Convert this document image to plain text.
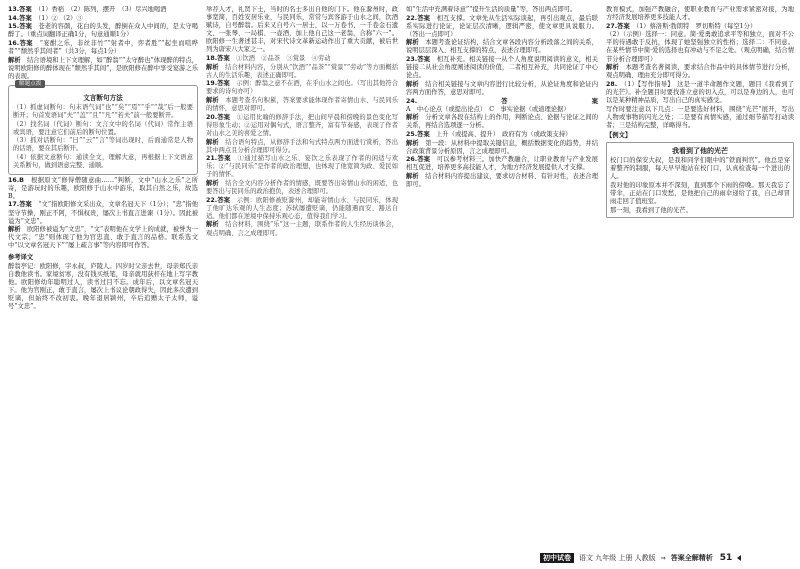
13.答案　 （1）香稻　（2）陈列，摆开　（3）尽兴地喝酒

14.答案　 （1）② （2）③

15.答案　 苍老的容颜，花白的头发，醉倒在众人中间的，是太守喝醉了。（重点词翻译正确1分，句意通顺1分）

16.答案　 “宴酣之乐，非丝非竹”“射者中，弈者胜”“起坐而喧哗者”“颓然乎其间者”（共3分，每点1分）

解析　 结合语境和上下文理解，如“醉翁”“太守醉也”体现醉的特点，说明欧阳修的醉体现在“颓然乎其间”，是欧阳修在醉中享受宴游之乐的表现。

解题点拨
文言断句方法

（1）抓虚词断句：句末语气词“也”“矣”“焉”“乎”“哉”后一般要断开；句首发语词“夫”“盖”“且”“凡”“若夫”前一般要断开。

（2）找名词（代词）断句：文言文中的名词（代词）常作主语或宾语，要注意它们前后的断句位置。

（3）抓对话断句：“曰”“云”“言”等词出现时，后面通常是人物的话语，要在其后断开。

（4）依据文意断句：通读全文，理解大意，再根据上下文语意关系断句，做到语意完整、通顺。

16.B　 根据原文“修得僧随意曲……”判断，文中“山水之乐”之所寄，是游玩时的乐趣，欧阳修于山水中游乐，取其自然之乐，故选B。

17.答案　 “文”指欧阳修文采出众，文章名冠天下（1分）；“忠”指他坚守节操，刚正不阿，不惧权贵，屡次上书直言进谏（1分）。因此被谥为“文忠”。

解析　 欧阳修被谥为“文忠”，“文”表明他在文学上的成就，被誉为一代文宗；“忠”则体现了他为官忠直、敢于直言的品格。联系选文中“以文章名冠天下”“屡上疏言事”等内容即可作答。

参考译文

醉翁亭记：欧阳修，字永叔，庐陵人。四岁时父亲去世，母亲郑氏亲自教他读书。家境贫寒，没有钱买纸笔，母亲就用荻杆在地上写字教他。欧阳修幼年聪明过人，读书过目不忘。成年后，以文章名冠天下。他为官刚正，敢于直言，屡次上书议论朝政得失，因此多次遭到贬谪，但始终不改初衷。晚年退居颍州，卒后追赠太子太师，谥号“文忠”。

举荐人才，礼贤下士，当时的名士多出自他的门下。他在滁州时，政事宽简，百姓安居乐业，与民同乐，常常与宾客游于山水之间，饮酒赋诗，自号醉翁。后来又自号六一居士，以一万卷书、一千卷金石遗文、一张琴、一局棋、一壶酒，加上他自己这一老翁，合称“六一”。欧阳修一生著述甚丰，对宋代诗文革新运动作出了重大贡献，被后世列为唐宋八大家之一。

18.答案　 ①饮酒　②品茶　③赏景　④劳动

解析　 结合材料内容，分别从“饮酒”“品茶”“赏景”“劳动”等方面概括古人的生活乐趣，表述正确即可。

19.答案　 示例：醉翁之意不在酒，在乎山水之间也。（写出其他符合要求的诗句亦可）

解析　 本题考查名句积累，答案要求能体现作者寄情山水、与民同乐的情怀，意思对即可。

20.答案　 ①运用比喻的修辞手法，把山间早晨和傍晚的景色变化写得形象生动；②运用对偶句式，语言整齐，富有节奏感，表现了作者对山水之美的喜爱之情。

解析　 结合语句特点，从修辞手法和句式特点两方面进行赏析，答出其中两点且分析合理即可得分。

21.答案　 ①通过描写山水之乐、宴饮之乐表现了作者的闲适与欢乐；②“与民同乐”是作者的政治理想，也体现了他宽简为政、爱民如子的情怀。

解析　 结合全文内容分析作者的情感，既要答出寄情山水的闲适，也要答出与民同乐的政治抱负，表述合理即可。

22.答案　 示例：欧阳修被贬滁州，却能寄情山水、与民同乐，体现了他旷达乐观的人生态度；苏轼屡遭贬谪，仍能随遇而安、豁达自适。他们都在逆境中保持乐观心态，值得我们学习。

解析　 结合材料，围绕“乐”这一主题，联系作者的人生经历谈体会，观点明确、言之成理即可。

如“生活中充满着诗意”“提升生活的质量”等，答出两点即可。

22.答案　 相互支撑。文章先从生活实际谈起，再引出观点，最后联系实际进行论证，论证层次清晰，逻辑严密，使文章更具说服力。（答出一点即可）

解析　 本题考查论证结构，结合文章各段内容分析段落之间的关系，说明层层深入、相互支撑的特点，表述合理即可。

23.答案　 相互补充。相关链接一从个人角度说明阅读的意义，相关链接二从社会角度阐述阅读的价值，二者相互补充，共同论证了中心论点。

解析　 结合相关链接与文章内容进行比较分析，从论证角度和论证内容两方面作答，意思对即可。

24.答案　A　中心论点（或提出论点）　C　事实论据（或道理论据）

解析　 分析文章各段在结构上的作用，判断论点、论据与论证之间的关系，再结合选项逐一分析。

25.答案　 上升（或提高、提升）　政府有为（或政策支持）

解析　 第一段：从材料中提取关键信息，概括数据变化的趋势，并结合政策背景分析原因，言之成理即可。

26.答案　 可以参考材料三。加快产教融合，让职业教育与产业发展相互促进，培养更多高技能人才，为地方经济发展提供人才支撑。

解析　 结合材料内容提出建议，要求切合材料、有针对性，表述合理即可。

教育模式，加强产教融合，使职业教育与产业需求紧密对接，为地方经济发展培养更多技能人才。

27.答案　 （1）蔡洛斯·勃朗特　罗切斯特（每空1分）

（2）（示例）选择一：同意。简·爱勇敢追求平等和独立，面对不公平的待遇敢于反抗，体现了她坚强独立的性格；选择二：不同意。在某些情节中简·爱的选择也有冲动与不足之处。（观点明确，结合情节分析合理即可）

解析　 本题考查名著阅读，要求结合作品中的具体情节进行分析，观点明确、理由充分即可得分。

28.　 （1）【写作指导】　这是一道半命题作文题，题目《我看到了　　的光芒》。补全题目时要找准立意的切入点，可以是身边的人，也可以是某种精神品质，写出自己的真实感受。

写作时要注意以下几点：一是要选好材料，围绕“光芒”展开，写出人物或事物的闪光之处；二是要有真情实感，通过细节描写打动读者；三是结构完整，详略得当。

【例文】
我看到了他的光芒

校门口的保安大叔，是我和同学们眼中的“铁面判官”。他总是穿着整齐的制服，每天早早地站在校门口，认真检查每一个进出的人。

我对他的印象原本并不深刻，直到那个下雨的傍晚。那天我忘了带伞，正站在门口发愁，是他把自己的雨伞递给了我，自己却冒雨走回了值班室。

那一刻，我看到了他的光芒。

初中试卷	语文 九年级 上册 人教版 ⇒ 答案全解精析 51
